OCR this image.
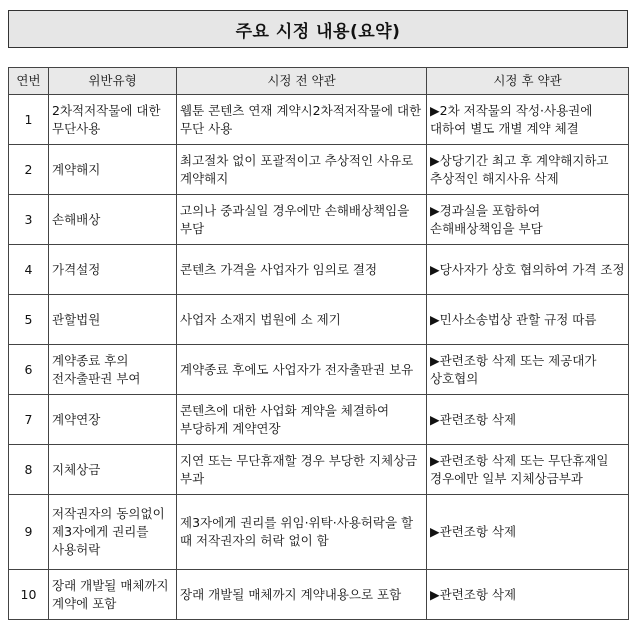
주요 시정 내용(요약)
연번	위반유형	시정 전 약관	시정 후 약관
1	2차적저작물에 대한 무단사용	웹툰 콘텐츠 연재 계약시2차적저작물에 대한 무단 사용	▶2차 저작물의 작성·사용권에 대하여 별도 개별 계약 체결
2	계약해지	최고절차 없이 포괄적이고 추상적인 사유로 계약해지	▶상당기간 최고 후 계약해지하고 추상적인 해지사유 삭제
3	손해배상	고의나 중과실일 경우에만 손해배상책임을 부담	▶경과실을 포함하여 손해배상책임을 부담
4	가격설정	콘텐츠 가격을 사업자가 임의로 결정	▶당사자가 상호 협의하여 가격 조정
5	관할법원	사업자 소재지 법원에 소 제기	▶민사소송법상 관할 규정 따름
6	계약종료 후의 전자출판권 부여	계약종료 후에도 사업자가 전자출판권 보유	▶관련조항 삭제 또는 제공대가 상호협의
7	계약연장	콘텐츠에 대한 사업화 계약을 체결하여 부당하게 계약연장	▶관련조항 삭제
8	지체상금	지연 또는 무단휴재할 경우 부당한 지체상금 부과	▶관련조항 삭제 또는 무단휴재일 경우에만 일부 지체상금부과
9	저작권자의 동의없이 제3자에게 권리를 사용허락	제3자에게 권리를 위임·위탁·사용허락을 할 때 저작권자의 허락 없이 함	▶관련조항 삭제
10	장래 개발될 매체까지 계약에 포함	장래 개발될 매체까지 계약내용으로 포함	▶관련조항 삭제
